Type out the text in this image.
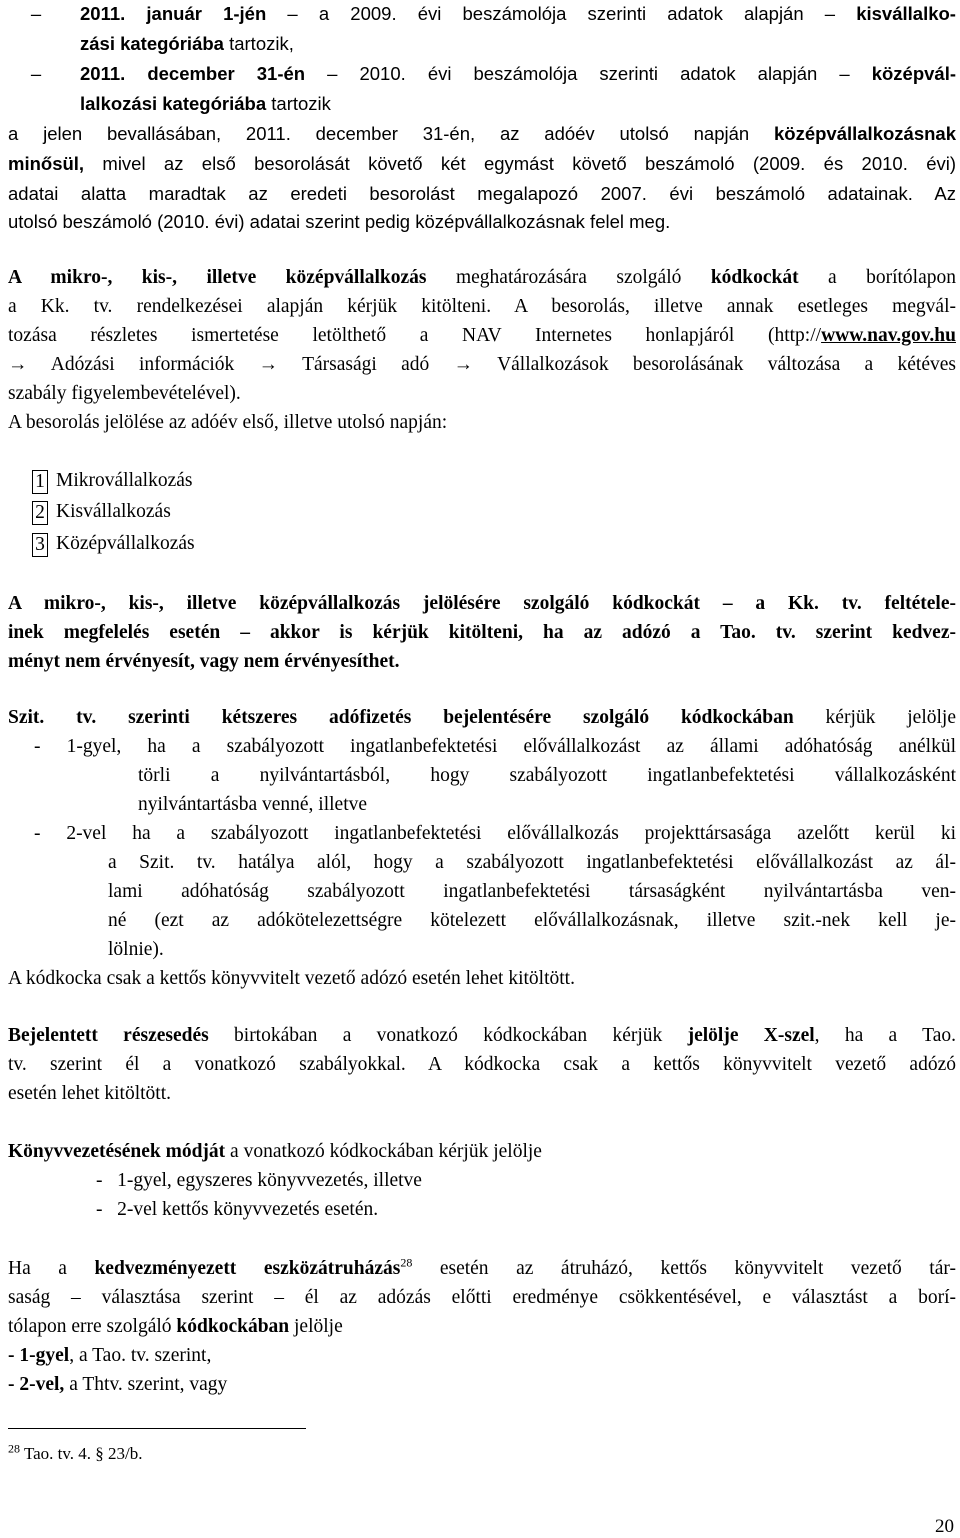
–	2011. január 1-jén – a 2009. évi beszámolója szerinti adatok alapján – kisvállalko-
zási kategóriába tartozik,
–	2011. december 31-én – 2010. évi beszámolója szerinti adatok alapján – középvál-
lalkozási kategóriába tartozik
a jelen bevallásában, 2011. december 31-én, az adóév utolsó napján középvállalkozásnak
minősül, mivel az első besorolását követő két egymást követő beszámoló (2009. és 2010. évi)
adatai alatta maradtak az eredeti besorolást megalapozó 2007. évi beszámoló adatainak. Az
utolsó beszámoló (2010. évi) adatai szerint pedig középvállalkozásnak felel meg.
A mikro-, kis-, illetve középvállalkozás meghatározására szolgáló kódkockát a borítólapon
a Kk. tv. rendelkezései alapján kérjük kitölteni. A besorolás, illetve annak esetleges megvál-
tozása részletes ismertetése letölthető a NAV Internetes honlapjáról (http://www.nav.gov.hu
→ Adózási információk → Társasági adó → Vállalkozások besorolásának változása a kétéves
szabály figyelembevételével).
A besorolás jelölése az adóév első, illetve utolsó napján:
1 Mikrovállalkozás
2 Kisvállalkozás
3 Középvállalkozás
A mikro-, kis-, illetve középvállalkozás jelölésére szolgáló kódkockát – a Kk. tv. feltétele-
inek megfelelés esetén – akkor is kérjük kitölteni, ha az adózó a Tao. tv. szerint kedvez-
ményt nem érvényesít, vagy nem érvényesíthet.
Szit. tv. szerinti kétszeres adófizetés bejelentésére szolgáló kódkockában kérjük jelölje
- 1-gyel, ha a szabályozott ingatlanbefektetési elővállalkozást az állami adóhatóság anélkül
törli a nyilvántartásból, hogy szabályozott ingatlanbefektetési vállalkozásként
nyilvántartásba venné, illetve
- 2-vel ha a szabályozott ingatlanbefektetési elővállalkozás projekttársasága azelőtt kerül ki
a Szit. tv. hatálya alól, hogy a szabályozott ingatlanbefektetési elővállalkozást az ál-
lami adóhatóság szabályozott ingatlanbefektetési társaságként nyilvántartásba ven-
né (ezt az adókötelezettségre kötelezett elővállalkozásnak, illetve szit.-nek kell je-
lölnie).
A kódkocka csak a kettős könyvvitelt vezető adózó esetén lehet kitöltött.
Bejelentett részesedés birtokában a vonatkozó kódkockában kérjük jelölje X-szel, ha a Tao.
tv. szerint él a vonatkozó szabályokkal. A kódkocka csak a kettős könyvvitelt vezető adózó
esetén lehet kitöltött.
Könyvvezetésének módját a vonatkozó kódkockában kérjük jelölje
-   1-gyel, egyszeres könyvvezetés, illetve
-   2-vel kettős könyvvezetés esetén.
Ha a kedvezményezett eszközátruházás$^{28}$ esetén az átruházó, kettős könyvvitelt vezető tár-
saság – választása szerint – él az adózás előtti eredménye csökkentésével, e választást a borí-
tólapon erre szolgáló kódkockában jelölje
- 1-gyel, a Tao. tv. szerint,
- 2-vel, a Thtv. szerint, vagy
$^{28}$ Tao. tv. 4. § 23/b.
20
